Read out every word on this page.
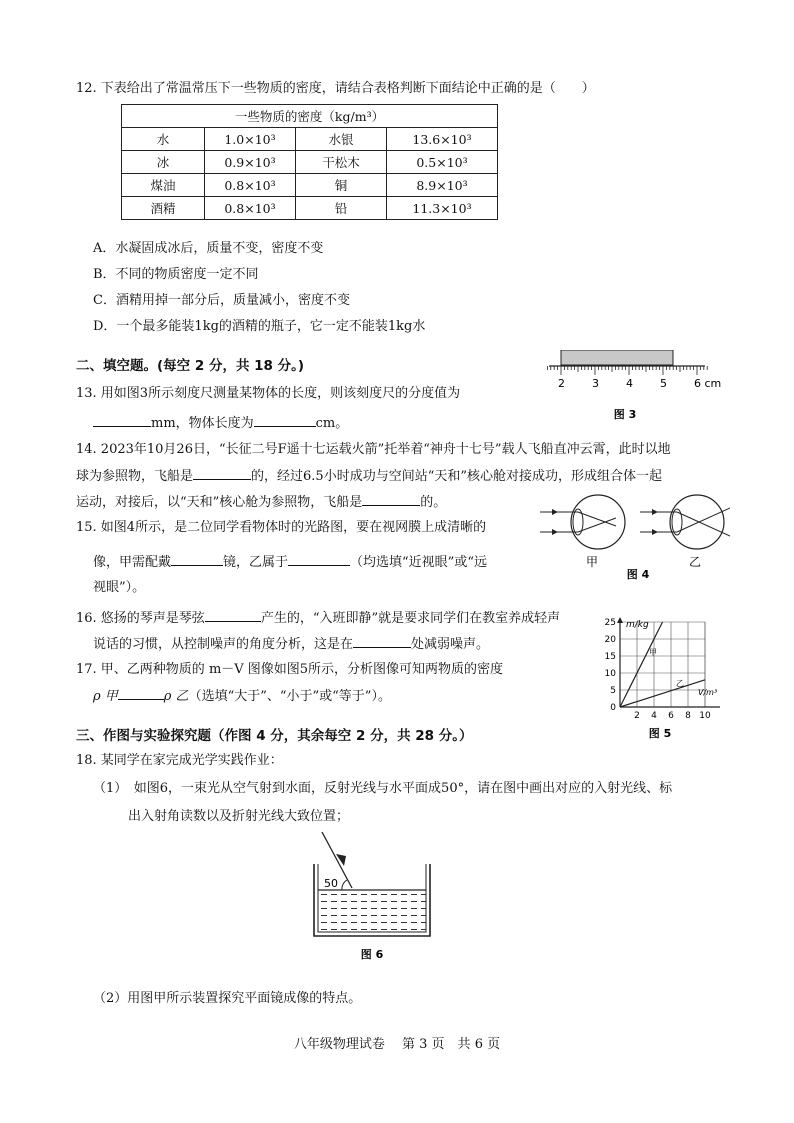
12. 下表给出了常温常压下一些物质的密度，请结合表格判断下面结论中正确的是（　　）
一些物质的密度（kg/m³）			
水	1.0×10³	水银	13.6×10³
冰	0.9×10³	干松木	0.5×10³
煤油	0.8×10³	铜	8.9×10³
酒精	0.8×10³	铅	11.3×10³
A．水凝固成冰后，质量不变，密度不变
B．不同的物质密度一定不同
C．酒精用掉一部分后，质量减小，密度不变
D．一个最多能装1kg的酒精的瓶子，它一定不能装1kg水
二、填空题。(每空 2 分，共 18 分。)
2 3 4 5 6 cm
图 3
13. 用如图3所示刻度尺测量某物体的长度，则该刻度尺的分度值为
mm，物体长度为	cm。
14. 2023年10月26日，“长征二号F遥十七运载火箭”托举着“神舟十七号”载人飞船直冲云霄，此时以地
球为参照物，飞船是	的，经过6.5小时成功与空间站“天和”核心舱对接成功，形成组合体一起
运动，对接后，以“天和”核心舱为参照物，飞船是	的。
甲	乙
图 4
15. 如图4所示，是二位同学看物体时的光路图，要在视网膜上成清晰的
像，甲需配戴	镜，乙属于	（均选填“近视眼”或“远
视眼”）。
16. 悠扬的琴声是琴弦	产生的，“入班即静”就是要求同学们在教室养成轻声
说话的习惯，从控制噪声的角度分析，这是在	处减弱噪声。
17. 甲、乙两种物质的 m－V 图像如图5所示，分析图像可知两物质的密度
ρ 甲	ρ 乙（选填“大于”、“小于”或“等于”）。
m/kg
V/m³
25
20
15
10
5
0
2 4 6 8 10
甲
乙
图 5
三、作图与实验探究题（作图 4 分，其余每空 2 分，共 28 分。）
18. 某同学在家完成光学实践作业：
（1）　如图6，一束光从空气射到水面，反射光线与水平面成50°，请在图中画出对应的入射光线、标
出入射角读数以及折射光线大致位置；
50
图 6
（2）用图甲所示装置探究平面镜成像的特点。
八年级物理试卷　 第 3 页　共 6 页
